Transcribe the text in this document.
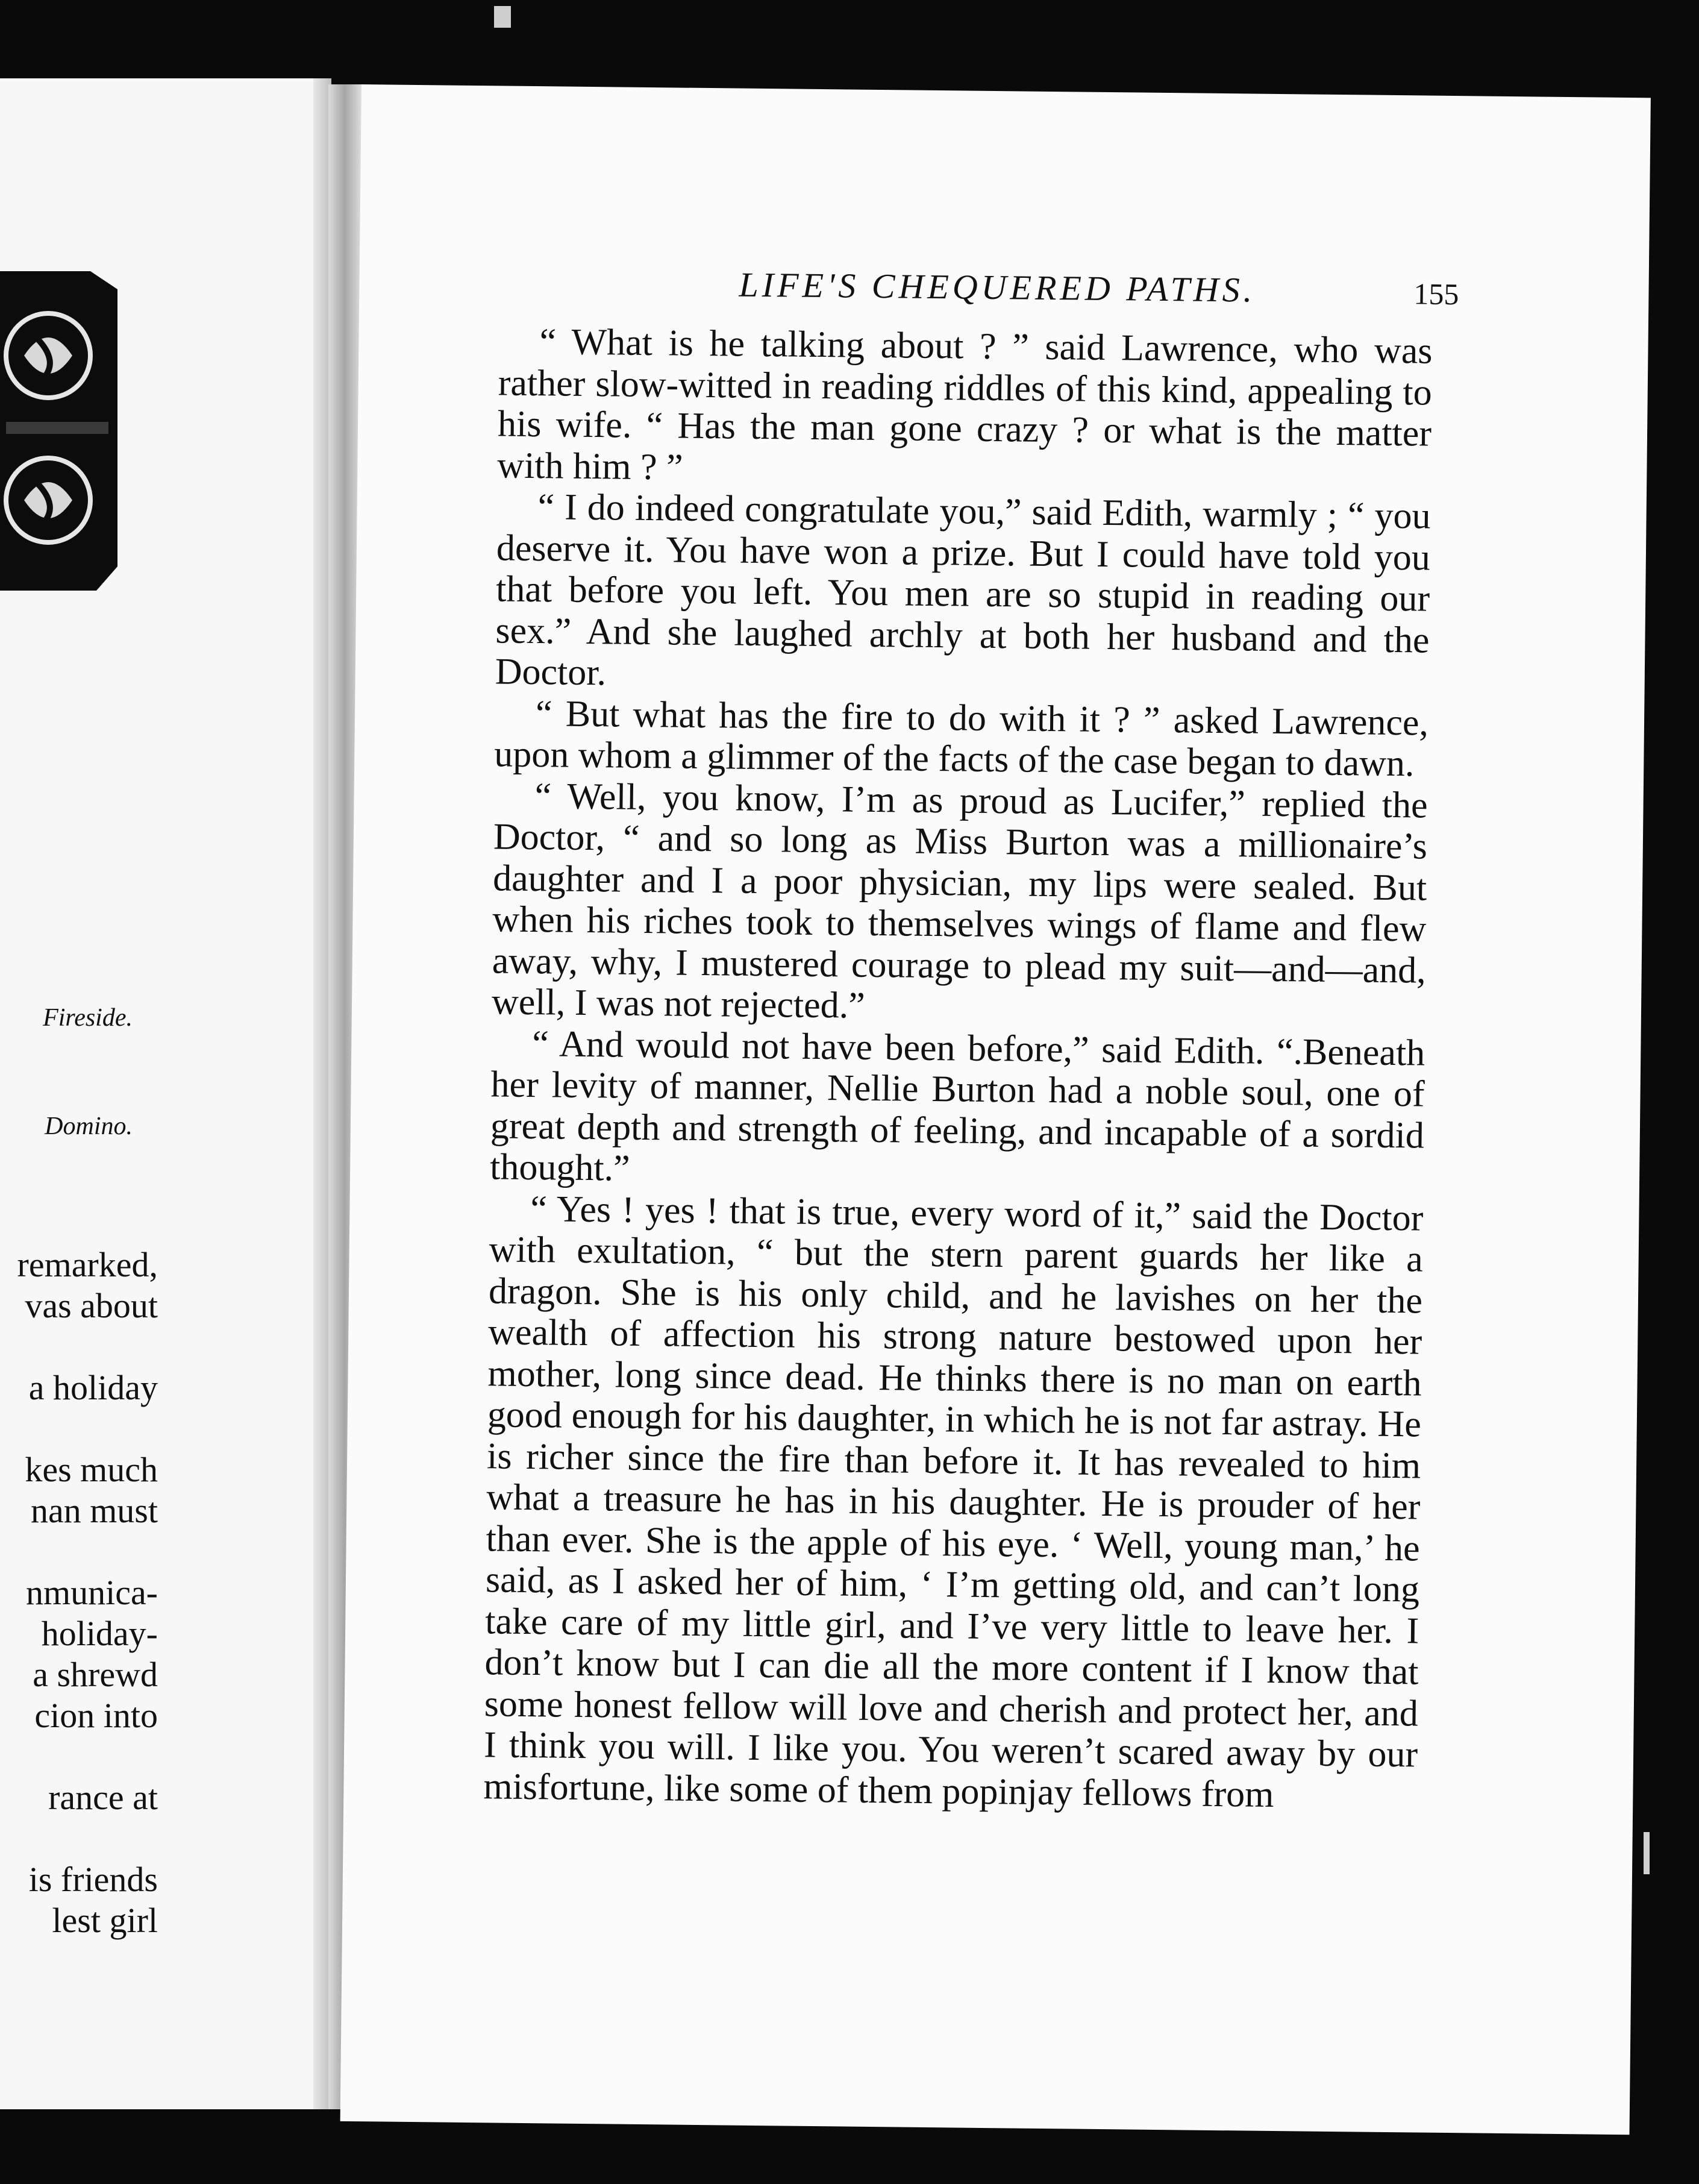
Fireside.
Domino.
remarked,
vas about
a holiday
kes much
nan must
nmunica-
holiday-
a shrewd
cion into
rance at
is friends
lest girl
LIFE'S CHEQUERED PATHS.	155

“ What is he talking about ? ” said Lawrence, who was rather slow-witted in reading riddles of this kind, appealing to his wife. “ Has the man gone crazy ? or what is the matter with him ? ”

“ I do indeed congratulate you,” said Edith, warmly ; “ you deserve it. You have won a prize. But I could have told you that before you left. You men are so stupid in reading our sex.” And she laughed archly at both her husband and the Doctor.

“ But what has the fire to do with it ? ” asked Lawrence, upon whom a glimmer of the facts of the case began to dawn.

“ Well, you know, I’m as proud as Lucifer,” replied the Doctor, “ and so long as Miss Burton was a millionaire’s daughter and I a poor physician, my lips were sealed. But when his riches took to themselves wings of flame and flew away, why, I mustered courage to plead my suit—and—and, well, I was not rejected.”

“ And would not have been before,” said Edith. “.Beneath her levity of manner, Nellie Burton had a noble soul, one of great depth and strength of feeling, and incapable of a sordid thought.”

“ Yes ! yes ! that is true, every word of it,” said the Doctor with exultation, “ but the stern parent guards her like a dragon. She is his only child, and he lavishes on her the wealth of affection his strong nature bestowed upon her mother, long since dead. He thinks there is no man on earth good enough for his daughter, in which he is not far astray. He is richer since the fire than before it. It has revealed to him what a treasure he has in his daughter. He is prouder of her than ever. She is the apple of his eye. ‘ Well, young man,’ he said, as I asked her of him, ‘ I’m getting old, and can’t long take care of my little girl, and I’ve very little to leave her. I don’t know but I can die all the more content if I know that some honest fellow will love and cherish and protect her, and I think you will. I like you. You weren’t scared away by our misfortune, like some of them popinjay fellows from
